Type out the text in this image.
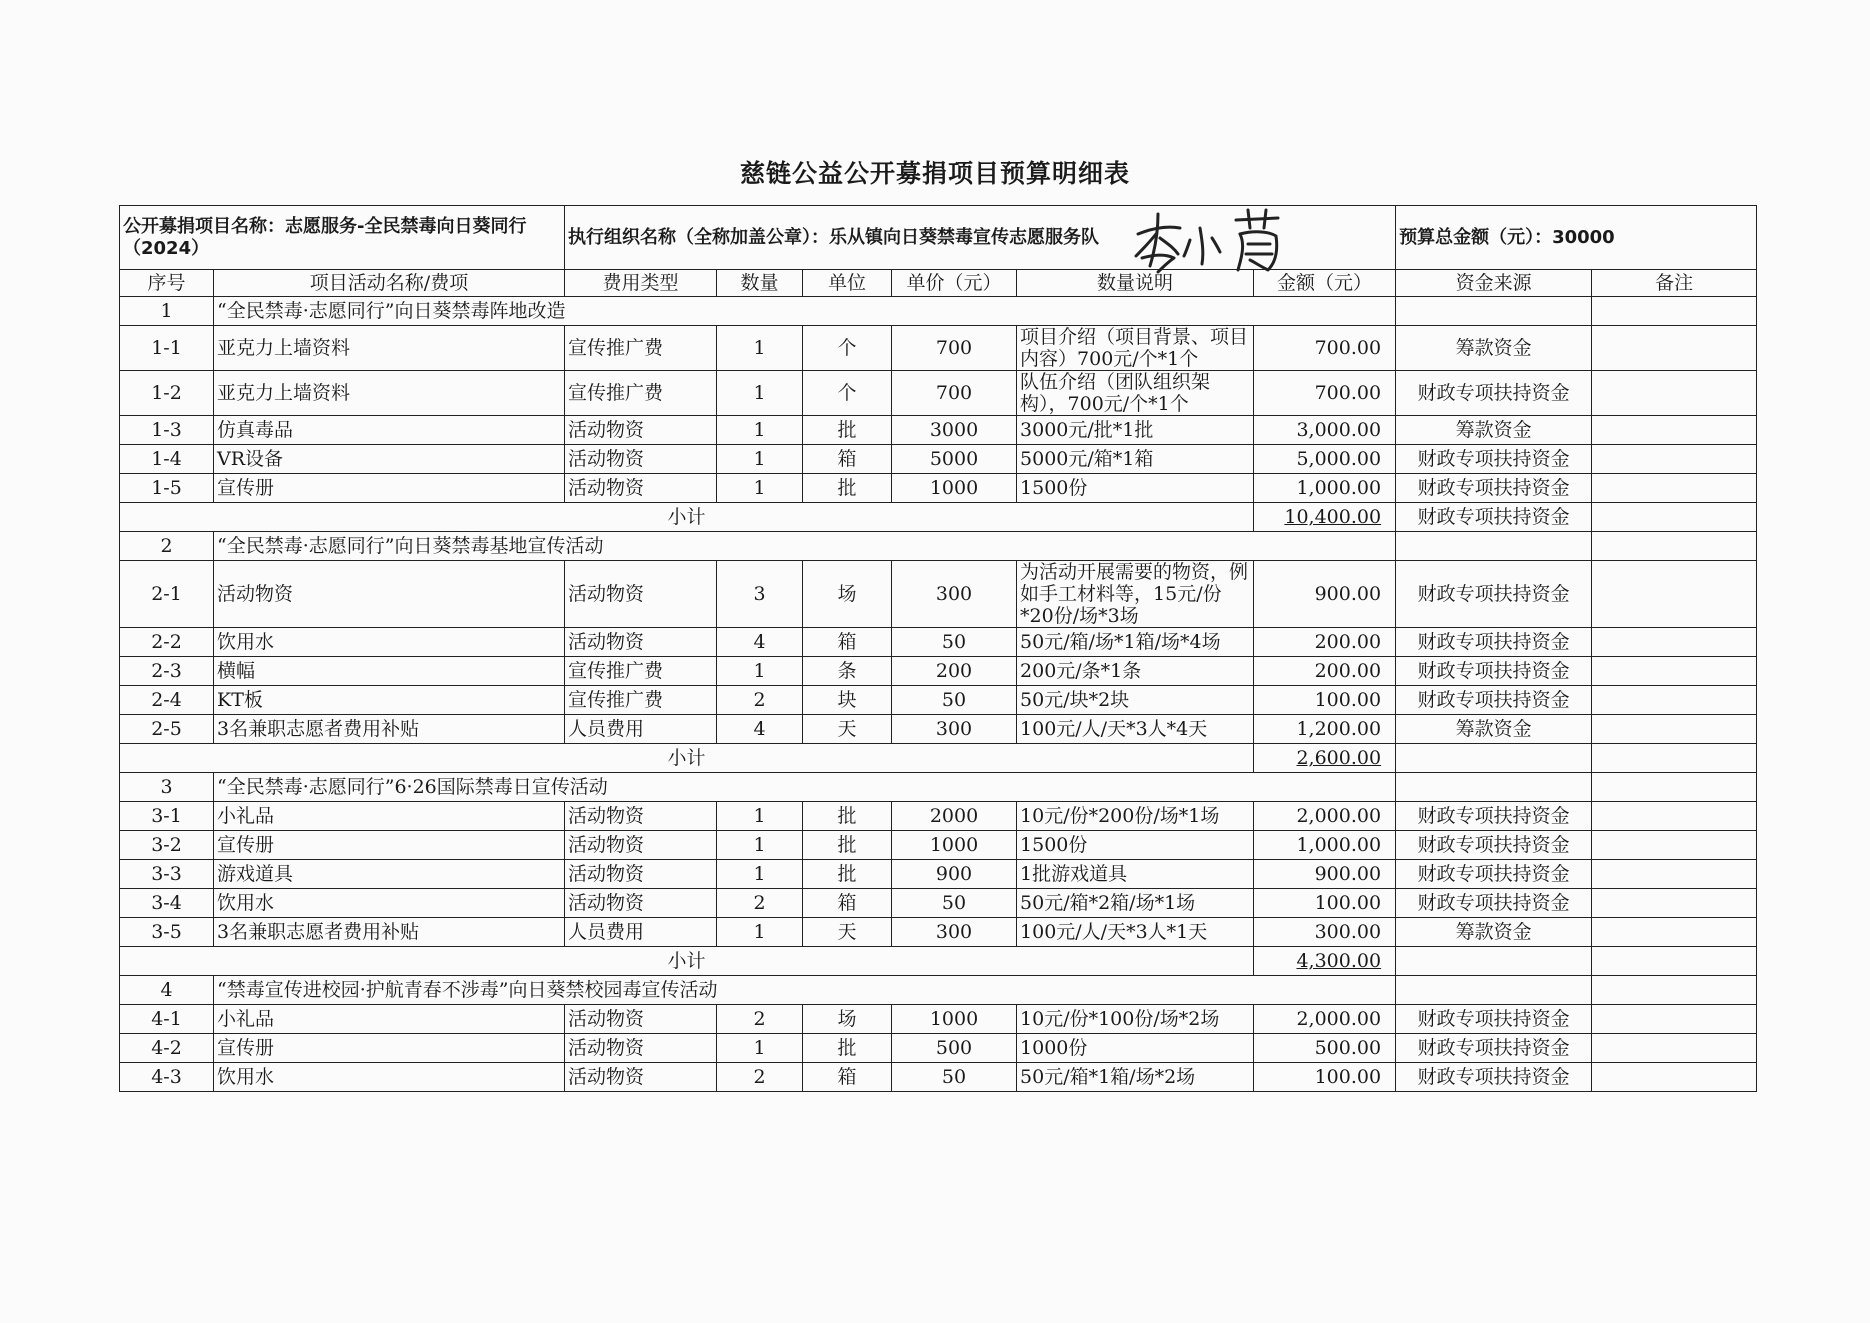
慈链公益公开募捐项目预算明细表
公开募捐项目名称：志愿服务-全民禁毒向日葵同行（2024）		执行组织名称（全称加盖公章）：乐从镇向日葵禁毒宣传志愿服务队						预算总金额（元）：30000	
序号	项目活动名称/费项	费用类型	数量	单位	单价（元）	数量说明	金额（元）	资金来源	备注
1	“全民禁毒·志愿同行”向日葵禁毒阵地改造								
1-1	亚克力上墙资料	宣传推广费	1	个	700	项目介绍（项目背景、项目内容）700元/个*1个	700.00	筹款资金	
1-2	亚克力上墙资料	宣传推广费	1	个	700	队伍介绍（团队组织架构），700元/个*1个	700.00	财政专项扶持资金	
1-3	仿真毒品	活动物资	1	批	3000	3000元/批*1批	3,000.00	筹款资金	
1-4	VR设备	活动物资	1	箱	5000	5000元/箱*1箱	5,000.00	财政专项扶持资金	
1-5	宣传册	活动物资	1	批	1000	1500份	1,000.00	财政专项扶持资金	
小计							10,400.00	财政专项扶持资金	
2	“全民禁毒·志愿同行”向日葵禁毒基地宣传活动								
2-1	活动物资	活动物资	3	场	300	为活动开展需要的物资，例如手工材料等，15元/份*20份/场*3场	900.00	财政专项扶持资金	
2-2	饮用水	活动物资	4	箱	50	50元/箱/场*1箱/场*4场	200.00	财政专项扶持资金	
2-3	横幅	宣传推广费	1	条	200	200元/条*1条	200.00	财政专项扶持资金	
2-4	KT板	宣传推广费	2	块	50	50元/块*2块	100.00	财政专项扶持资金	
2-5	3名兼职志愿者费用补贴	人员费用	4	天	300	100元/人/天*3人*4天	1,200.00	筹款资金	
小计							2,600.00		
3	“全民禁毒·志愿同行”6·26国际禁毒日宣传活动								
3-1	小礼品	活动物资	1	批	2000	10元/份*200份/场*1场	2,000.00	财政专项扶持资金	
3-2	宣传册	活动物资	1	批	1000	1500份	1,000.00	财政专项扶持资金	
3-3	游戏道具	活动物资	1	批	900	1批游戏道具	900.00	财政专项扶持资金	
3-4	饮用水	活动物资	2	箱	50	50元/箱*2箱/场*1场	100.00	财政专项扶持资金	
3-5	3名兼职志愿者费用补贴	人员费用	1	天	300	100元/人/天*3人*1天	300.00	筹款资金	
小计							4,300.00		
4	“禁毒宣传进校园·护航青春不涉毒”向日葵禁校园毒宣传活动								
4-1	小礼品	活动物资	2	场	1000	10元/份*100份/场*2场	2,000.00	财政专项扶持资金	
4-2	宣传册	活动物资	1	批	500	1000份	500.00	财政专项扶持资金	
4-3	饮用水	活动物资	2	箱	50	50元/箱*1箱/场*2场	100.00	财政专项扶持资金	
